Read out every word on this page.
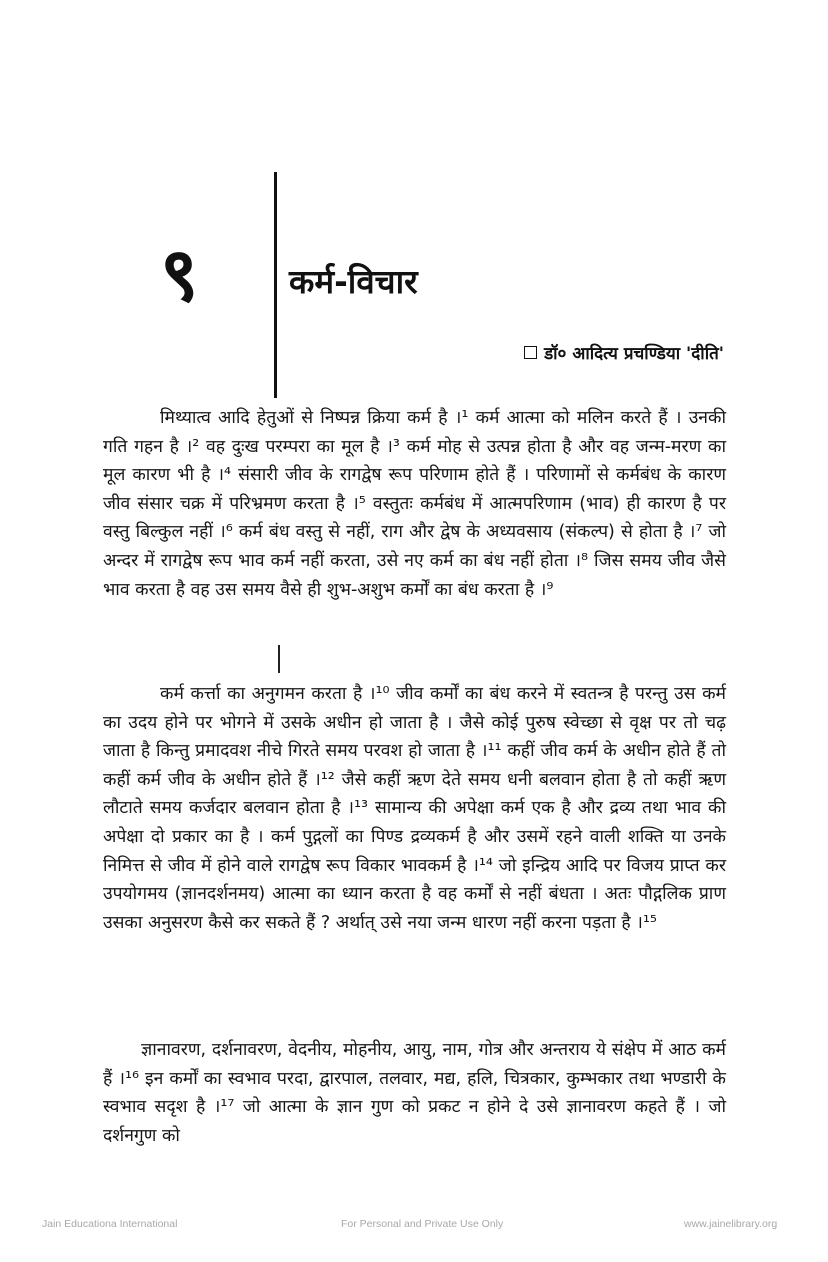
९	कर्म-विचार
डॉ० आदित्य प्रचण्डिया 'दीति'

मिथ्यात्व आदि हेतुओं से निष्पन्न क्रिया कर्म है ।¹ कर्म आत्मा को मलिन करते हैं । उनकी गति गहन है ।² वह दुःख परम्परा का मूल है ।³ कर्म मोह से उत्पन्न होता है और वह जन्म-मरण का मूल कारण भी है ।⁴ संसारी जीव के रागद्वेष रूप परिणाम होते हैं । परिणामों से कर्मबंध के कारण जीव संसार चक्र में परिभ्रमण करता है ।⁵ वस्तुतः कर्मबंध में आत्मपरिणाम (भाव) ही कारण है पर वस्तु बिल्कुल नहीं ।⁶ कर्म बंध वस्तु से नहीं, राग और द्वेष के अध्यवसाय (संकल्प) से होता है ।⁷ जो अन्दर में रागद्वेष रूप भाव कर्म नहीं करता, उसे नए कर्म का बंध नहीं होता ।⁸ जिस समय जीव जैसे भाव करता है वह उस समय वैसे ही शुभ-अशुभ कर्मों का बंध करता है ।⁹

कर्म कर्त्ता का अनुगमन करता है ।¹⁰ जीव कर्मों का बंध करने में स्वतन्त्र है परन्तु उस कर्म का उदय होने पर भोगने में उसके अधीन हो जाता है । जैसे कोई पुरुष स्वेच्छा से वृक्ष पर तो चढ़ जाता है किन्तु प्रमादवश नीचे गिरते समय परवश हो जाता है ।¹¹ कहीं जीव कर्म के अधीन होते हैं तो कहीं कर्म जीव के अधीन होते हैं ।¹² जैसे कहीं ऋण देते समय धनी बलवान होता है तो कहीं ऋण लौटाते समय कर्जदार बलवान होता है ।¹³ सामान्य की अपेक्षा कर्म एक है और द्रव्य तथा भाव की अपेक्षा दो प्रकार का है । कर्म पुद्गलों का पिण्ड द्रव्यकर्म है और उसमें रहने वाली शक्ति या उनके निमित्त से जीव में होने वाले रागद्वेष रूप विकार भावकर्म है ।¹⁴ जो इन्द्रिय आदि पर विजय प्राप्त कर उपयोगमय (ज्ञानदर्शनमय) आत्मा का ध्यान करता है वह कर्मों से नहीं बंधता । अतः पौद्गलिक प्राण उसका अनुसरण कैसे कर सकते हैं ? अर्थात् उसे नया जन्म धारण नहीं करना पड़ता है ।¹⁵

ज्ञानावरण, दर्शनावरण, वेदनीय, मोहनीय, आयु, नाम, गोत्र और अन्तराय ये संक्षेप में आठ कर्म हैं ।¹⁶ इन कर्मों का स्वभाव परदा, द्वारपाल, तलवार, मद्य, हलि, चित्रकार, कुम्भकार तथा भण्डारी के स्वभाव सदृश है ।¹⁷ जो आत्मा के ज्ञान गुण को प्रकट न होने दे उसे ज्ञानावरण कहते हैं । जो दर्शनगुण को

Jain Educationa International	For Personal and Private Use Only	www.jainelibrary.org
